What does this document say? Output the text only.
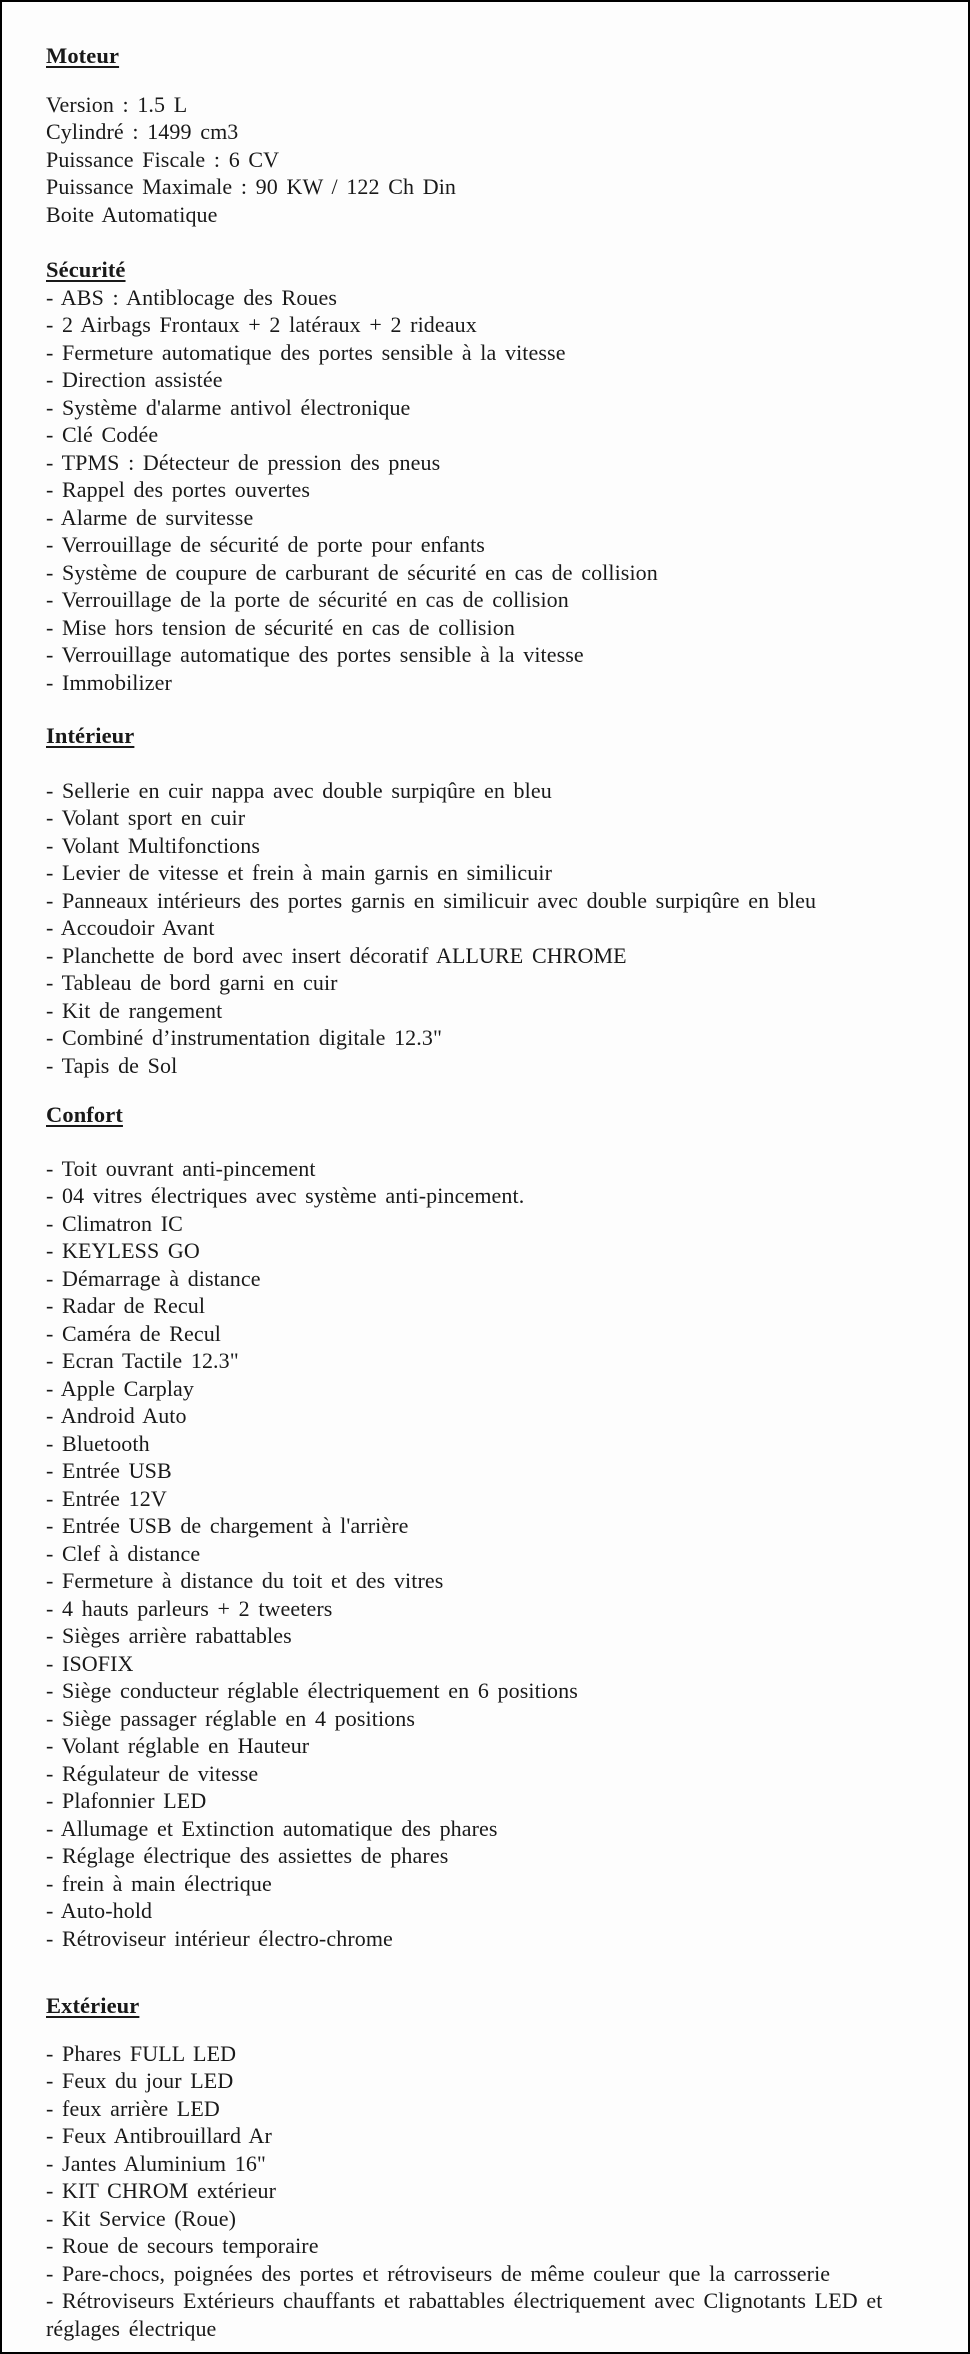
Moteur
Version : 1.5 L
Cylindré : 1499 cm3
Puissance Fiscale : 6 CV
Puissance Maximale : 90 KW / 122 Ch Din
Boite Automatique
Sécurité
- ABS : Antiblocage des Roues
- 2 Airbags Frontaux + 2 latéraux + 2 rideaux
- Fermeture automatique des portes sensible à la vitesse
- Direction assistée
- Système d'alarme antivol électronique
- Clé Codée
- TPMS : Détecteur de pression des pneus
- Rappel des portes ouvertes
- Alarme de survitesse
- Verrouillage de sécurité de porte pour enfants
- Système de coupure de carburant de sécurité en cas de collision
- Verrouillage de la porte de sécurité en cas de collision
- Mise hors tension de sécurité en cas de collision
- Verrouillage automatique des portes sensible à la vitesse
- Immobilizer
Intérieur
- Sellerie en cuir nappa avec double surpiqûre en bleu
- Volant sport en cuir
- Volant Multifonctions
- Levier de vitesse et frein à main garnis en similicuir
- Panneaux intérieurs des portes garnis en similicuir avec double surpiqûre en bleu
- Accoudoir Avant
- Planchette de bord avec insert décoratif ALLURE CHROME
- Tableau de bord garni en cuir
- Kit de rangement
- Combiné d’instrumentation digitale 12.3"
- Tapis de Sol
Confort
- Toit ouvrant anti-pincement
- 04 vitres électriques avec système anti-pincement.
- Climatron IC
- KEYLESS GO
- Démarrage à distance
- Radar de Recul
- Caméra de Recul
- Ecran Tactile 12.3"
- Apple Carplay
- Android Auto
- Bluetooth
- Entrée USB
- Entrée 12V
- Entrée USB de chargement à l'arrière
- Clef à distance
- Fermeture à distance du toit et des vitres
- 4 hauts parleurs + 2 tweeters
- Sièges arrière rabattables
- ISOFIX
- Siège conducteur réglable électriquement en 6 positions
- Siège passager réglable en 4 positions
- Volant réglable en Hauteur
- Régulateur de vitesse
- Plafonnier LED
- Allumage et Extinction automatique des phares
- Réglage électrique des assiettes de phares
- frein à main électrique
- Auto-hold
- Rétroviseur intérieur électro-chrome
Extérieur
- Phares FULL LED
- Feux du jour LED
- feux arrière LED
- Feux Antibrouillard Ar
- Jantes Aluminium 16"
- KIT CHROM extérieur
- Kit Service (Roue)
- Roue de secours temporaire
- Pare-chocs, poignées des portes et rétroviseurs de même couleur que la carrosserie
- Rétroviseurs Extérieurs chauffants et rabattables électriquement avec Clignotants LED et réglages électrique
